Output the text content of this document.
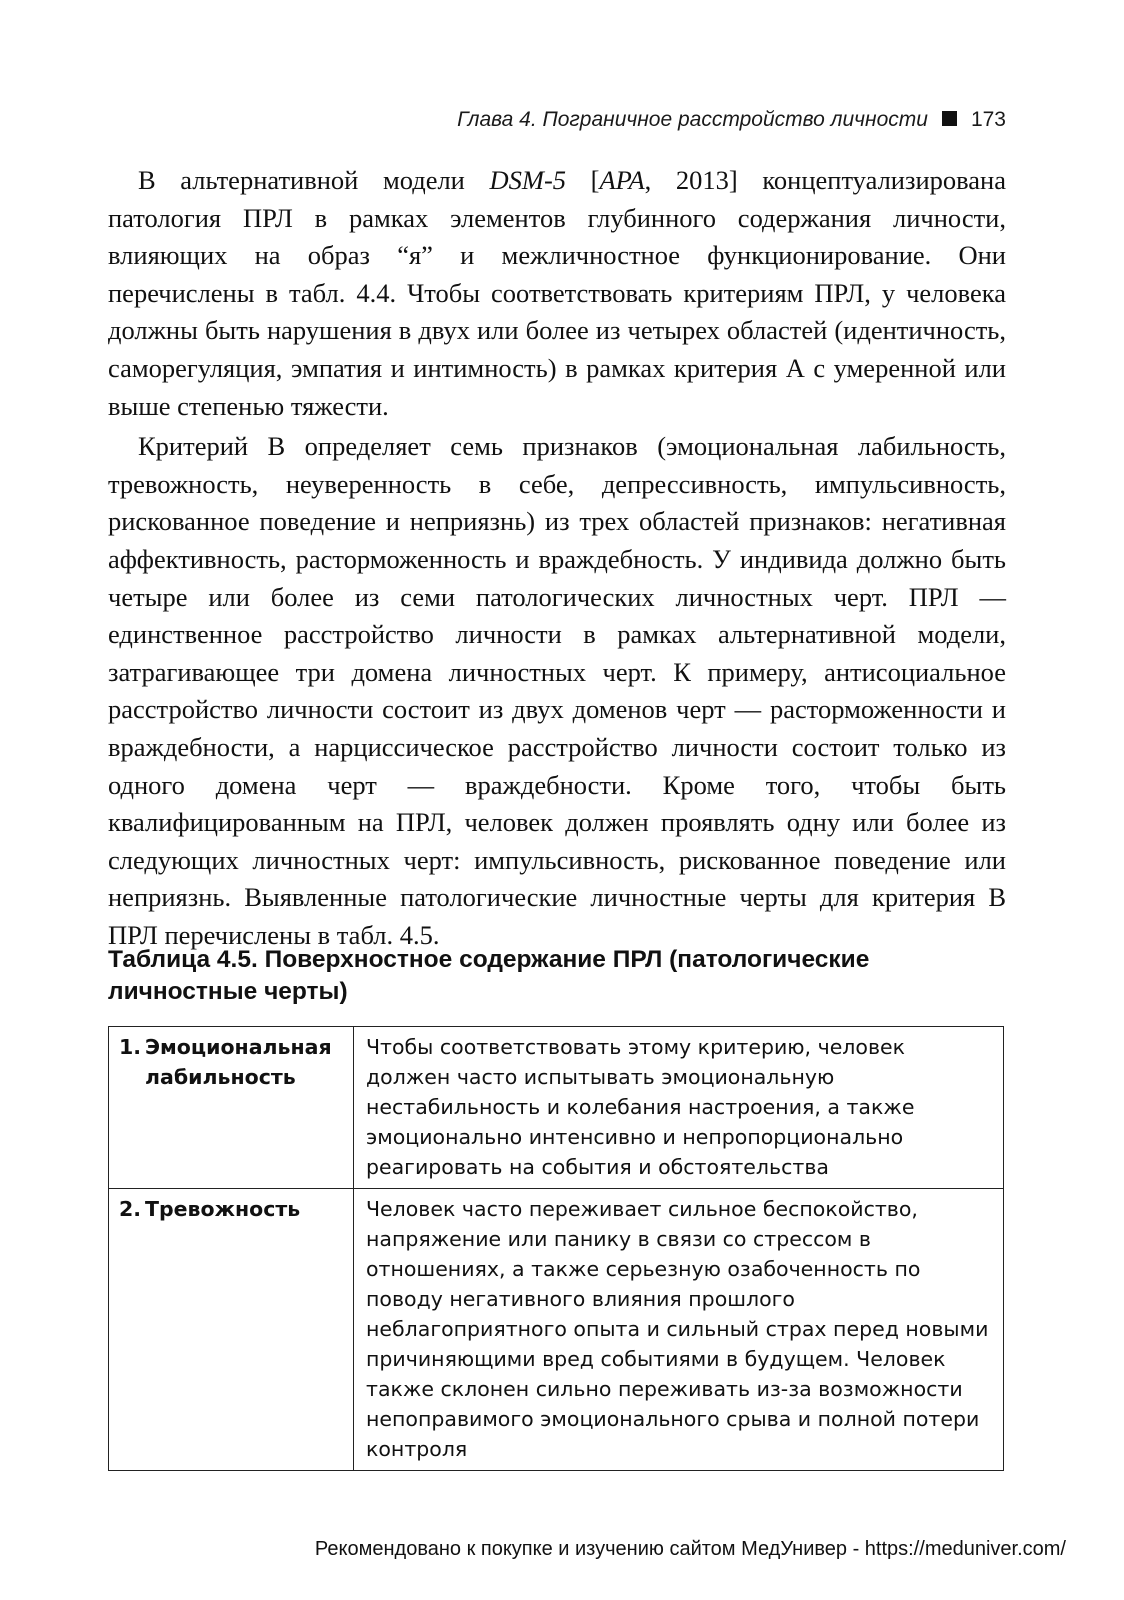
Глава 4. Пограничное расстройство личности 173

В альтернативной модели DSM-5 [APA, 2013] концептуализирована патология ПРЛ в рамках элементов глубинного содержания личности, влияющих на образ “я” и межличностное функционирование. Они перечислены в табл. 4.4. Чтобы соответствовать критериям ПРЛ, у человека должны быть нарушения в двух или более из четырех областей (идентичность, саморегуляция, эмпатия и интимность) в рамках критерия А с умеренной или выше степенью тяжести.

Критерий В определяет семь признаков (эмоциональная лабильность, тревожность, неуверенность в себе, депрессивность, импульсивность, рискованное поведение и неприязнь) из трех областей признаков: негативная аффективность, расторможенность и враждебность. У индивида должно быть четыре или более из семи патологических личностных черт. ПРЛ — единственное расстройство личности в рамках альтернативной модели, затрагивающее три домена личностных черт. К примеру, антисоциальное расстройство личности состоит из двух доменов черт — расторможенности и враждебности, а нарциссическое расстройство личности состоит только из одного домена черт — враждебности. Кроме того, чтобы быть квалифицированным на ПРЛ, человек должен проявлять одну или более из следующих личностных черт: импульсивность, рискованное поведение или неприязнь. Выявленные патологические личностные черты для критерия В ПРЛ перечислены в табл. 4.5.

Таблица 4.5. Поверхностное содержание ПРЛ (патологические личностные черты)
1. Эмоциональная
лабильность	Чтобы соответствовать этому критерию, человек должен часто испытывать эмоциональную нестабильность и колебания настроения, а также эмоционально интенсивно и непропорционально реагировать на события и обстоятельства
2. Тревожность	Человек часто переживает сильное беспокойство, напряжение или панику в связи со стрессом в отношениях, а также серьезную озабоченность по поводу негативного влияния прошлого неблагоприятного опыта и сильный страх перед новыми причиняющими вред событиями в будущем. Человек также склонен сильно переживать из-за возможности непоправимого эмоционального срыва и полной потери контроля
Рекомендовано к покупке и изучению сайтом МедУнивер - https://meduniver.com/
